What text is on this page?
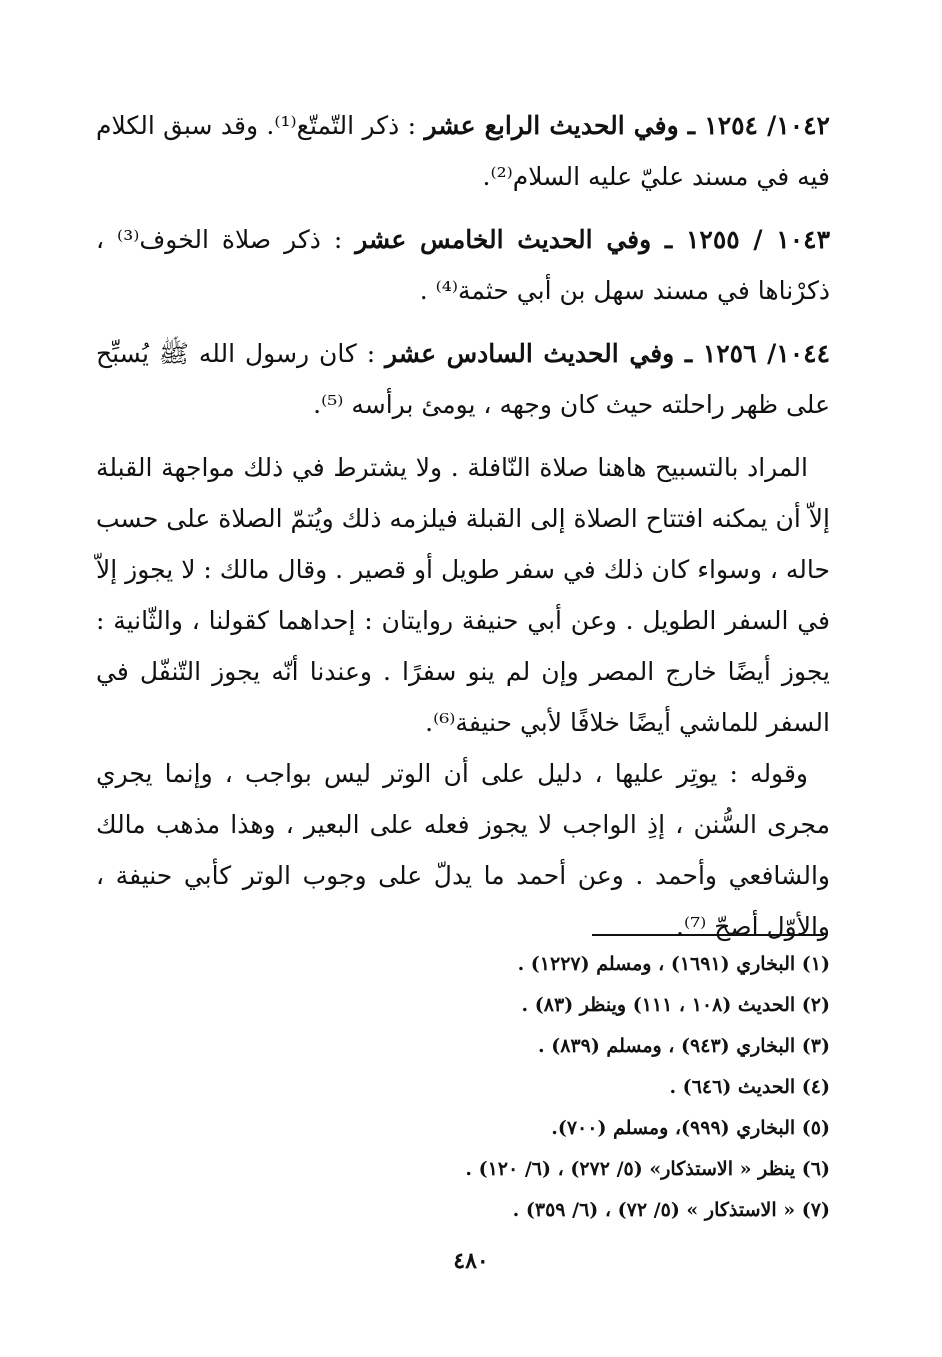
١٠٤٢/ ١٢٥٤ ـ وفي الحديث الرابع عشر : ذكر التّمتّع⁽¹⁾. وقد سبق الكلام فيه في مسند عليّ عليه السلام⁽²⁾.

١٠٤٣ / ١٢٥٥ ـ وفي الحديث الخامس عشر : ذكر صلاة الخوف⁽³⁾ ، ذكرْناها في مسند سهل بن أبي حثمة⁽⁴⁾ .

١٠٤٤/ ١٢٥٦ ـ وفي الحديث السادس عشر : كان رسول الله ﷺ يُسبِّح على ظهر راحلته حيث كان وجهه ، يومئ برأسه ⁽⁵⁾.

المراد بالتسبيح هاهنا صلاة النّافلة . ولا يشترط في ذلك مواجهة القبلة إلاّ أن يمكنه افتتاح الصلاة إلى القبلة فيلزمه ذلك ويُتمّ الصلاة على حسب حاله ، وسواء كان ذلك في سفر طويل أو قصير . وقال مالك : لا يجوز إلاّ في السفر الطويل . وعن أبي حنيفة روايتان : إحداهما كقولنا ، والثّانية : يجوز أيضًا خارج المصر وإن لم ينو سفرًا . وعندنا أنّه يجوز التّنفّل في السفر للماشي أيضًا خلافًا لأبي حنيفة⁽⁶⁾.

وقوله : يوتِر عليها ، دليل على أن الوتر ليس بواجب ، وإنما يجري مجرى السُّنن ، إذِ الواجب لا يجوز فعله على البعير ، وهذا مذهب مالك والشافعي وأحمد . وعن أحمد ما يدلّ على وجوب الوتر كأبي حنيفة ، والأوّل أصحّ ⁽⁷⁾.

(١) البخاري (١٦٩١) ، ومسلم (١٢٢٧) .
(٢) الحديث (١٠٨ ، ١١١) وينظر (٨٣) .
(٣) البخاري (٩٤٣) ، ومسلم (٨٣٩) .
(٤) الحديث (٦٤٦) .
(٥) البخاري (٩٩٩)، ومسلم (٧٠٠).
(٦) ينظر « الاستذكار» (٥/ ٢٧٢) ، (٦/ ١٢٠) .
(٧) « الاستذكار » (٥/ ٧٢) ، (٦/ ٣٥٩) .
٤٨٠
